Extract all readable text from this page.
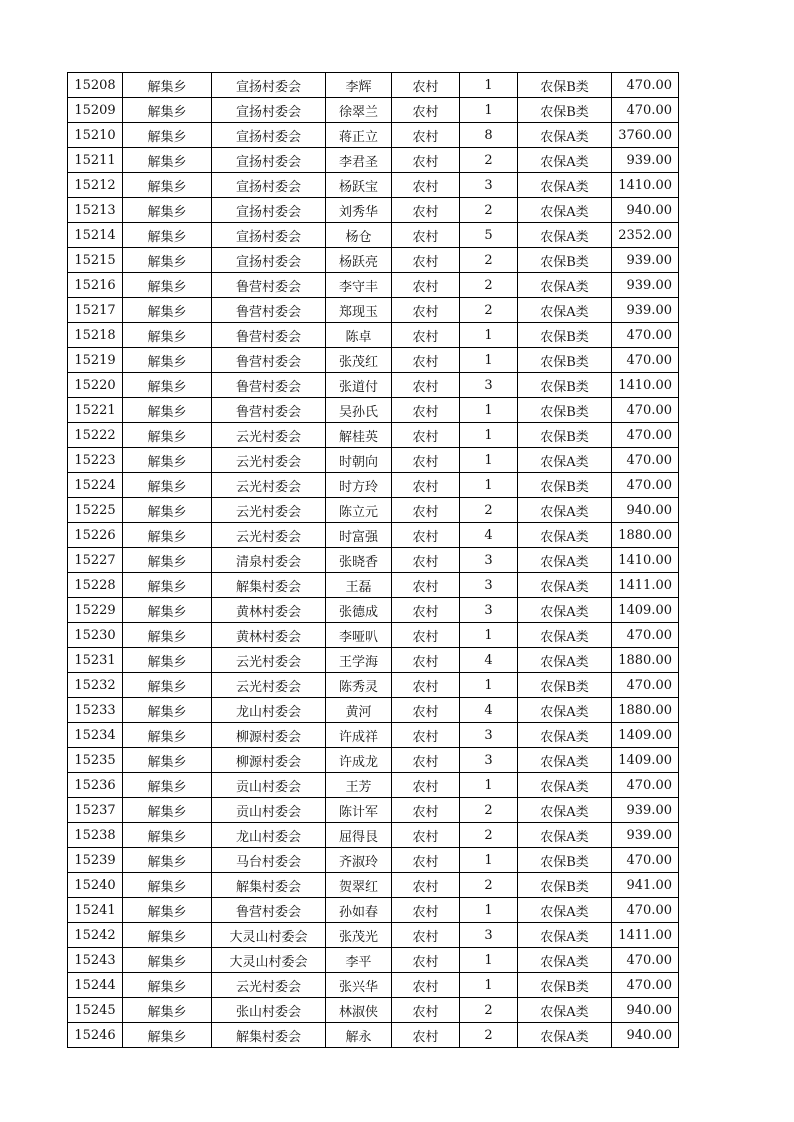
15208	解集乡	宣扬村委会	李辉	农村	1	农保B类	470.00
15209	解集乡	宣扬村委会	徐翠兰	农村	1	农保B类	470.00
15210	解集乡	宣扬村委会	蒋正立	农村	8	农保A类	3760.00
15211	解集乡	宣扬村委会	李君圣	农村	2	农保A类	939.00
15212	解集乡	宣扬村委会	杨跃宝	农村	3	农保A类	1410.00
15213	解集乡	宣扬村委会	刘秀华	农村	2	农保A类	940.00
15214	解集乡	宣扬村委会	杨仓	农村	5	农保A类	2352.00
15215	解集乡	宣扬村委会	杨跃亮	农村	2	农保B类	939.00
15216	解集乡	鲁营村委会	李守丰	农村	2	农保A类	939.00
15217	解集乡	鲁营村委会	郑现玉	农村	2	农保A类	939.00
15218	解集乡	鲁营村委会	陈卓	农村	1	农保B类	470.00
15219	解集乡	鲁营村委会	张茂红	农村	1	农保B类	470.00
15220	解集乡	鲁营村委会	张道付	农村	3	农保B类	1410.00
15221	解集乡	鲁营村委会	吴孙氏	农村	1	农保B类	470.00
15222	解集乡	云光村委会	解桂英	农村	1	农保B类	470.00
15223	解集乡	云光村委会	时朝向	农村	1	农保A类	470.00
15224	解集乡	云光村委会	时方玲	农村	1	农保B类	470.00
15225	解集乡	云光村委会	陈立元	农村	2	农保A类	940.00
15226	解集乡	云光村委会	时富强	农村	4	农保A类	1880.00
15227	解集乡	清泉村委会	张晓香	农村	3	农保A类	1410.00
15228	解集乡	解集村委会	王磊	农村	3	农保A类	1411.00
15229	解集乡	黄林村委会	张德成	农村	3	农保A类	1409.00
15230	解集乡	黄林村委会	李哑叭	农村	1	农保A类	470.00
15231	解集乡	云光村委会	王学海	农村	4	农保A类	1880.00
15232	解集乡	云光村委会	陈秀灵	农村	1	农保B类	470.00
15233	解集乡	龙山村委会	黄河	农村	4	农保A类	1880.00
15234	解集乡	柳源村委会	许成祥	农村	3	农保A类	1409.00
15235	解集乡	柳源村委会	许成龙	农村	3	农保A类	1409.00
15236	解集乡	贡山村委会	王芳	农村	1	农保A类	470.00
15237	解集乡	贡山村委会	陈计军	农村	2	农保A类	939.00
15238	解集乡	龙山村委会	屈得艮	农村	2	农保A类	939.00
15239	解集乡	马台村委会	齐淑玲	农村	1	农保B类	470.00
15240	解集乡	解集村委会	贺翠红	农村	2	农保B类	941.00
15241	解集乡	鲁营村委会	孙如春	农村	1	农保A类	470.00
15242	解集乡	大灵山村委会	张茂光	农村	3	农保A类	1411.00
15243	解集乡	大灵山村委会	李平	农村	1	农保A类	470.00
15244	解集乡	云光村委会	张兴华	农村	1	农保B类	470.00
15245	解集乡	张山村委会	林淑侠	农村	2	农保A类	940.00
15246	解集乡	解集村委会	解永	农村	2	农保A类	940.00
